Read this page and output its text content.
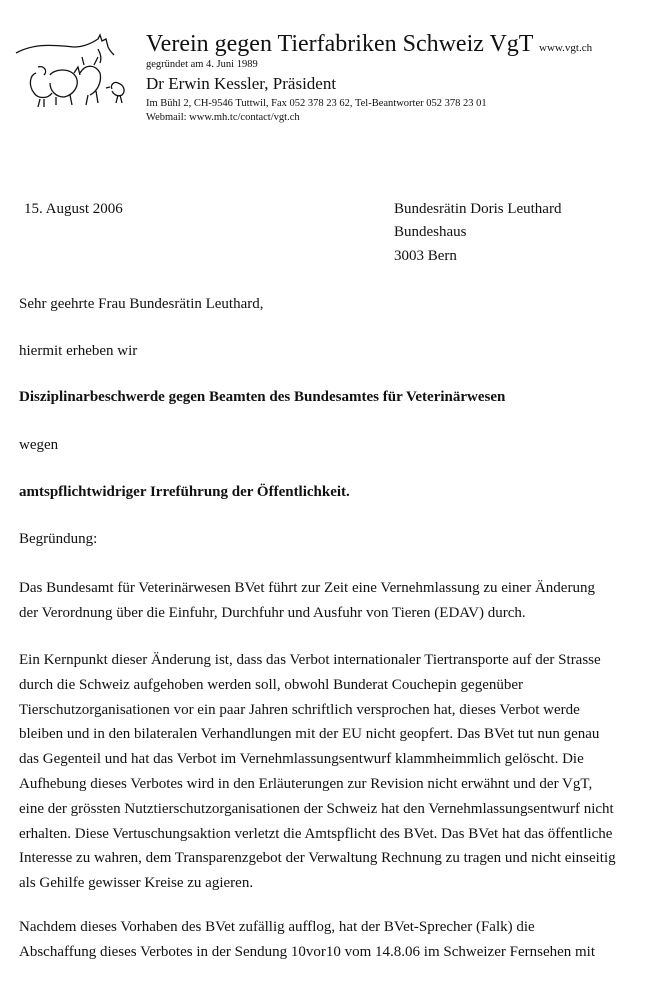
Verein gegen Tierfabriken Schweiz VgT www.vgt.ch
gegründet am 4. Juni 1989
Dr Erwin Kessler, Präsident
Im Bühl 2, CH-9546 Tuttwil, Fax 052 378 23 62, Tel-Beantworter 052 378 23 01
Webmail: www.mh.tc/contact/vgt.ch
15. August 2006	Bundesrätin Doris Leuthard
Bundeshaus
3003 Bern
Sehr geehrte Frau Bundesrätin Leuthard,
hiermit erheben wir
Disziplinarbeschwerde gegen Beamten des Bundesamtes für Veterinärwesen
wegen
amtspflichtwidriger Irreführung der Öffentlichkeit.
Begründung:
Das Bundesamt für Veterinärwesen BVet führt zur Zeit eine Vernehmlassung zu einer Änderung
der Verordnung über die Einfuhr, Durchfuhr und Ausfuhr von Tieren (EDAV) durch.
Ein Kernpunkt dieser Änderung ist, dass das Verbot internationaler Tiertransporte auf der Strasse
durch die Schweiz aufgehoben werden soll, obwohl Bunderat Couchepin gegenüber
Tierschutzorganisationen vor ein paar Jahren schriftlich versprochen hat, dieses Verbot werde
bleiben und in den bilateralen Verhandlungen mit der EU nicht geopfert. Das BVet tut nun genau
das Gegenteil und hat das Verbot im Vernehmlassungsentwurf klammheimmlich gelöscht. Die
Aufhebung dieses Verbotes wird in den Erläuterungen zur Revision nicht erwähnt und der VgT,
eine der grössten Nutztierschutzorganisationen der Schweiz hat den Vernehmlassungsentwurf nicht
erhalten. Diese Vertuschungsaktion verletzt die Amtspflicht des BVet. Das BVet hat das öffentliche
Interesse zu wahren, dem Transparenzgebot der Verwaltung Rechnung zu tragen und nicht einseitig
als Gehilfe gewisser Kreise zu agieren.
Nachdem dieses Vorhaben des BVet zufällig aufflog, hat der BVet-Sprecher (Falk) die
Abschaffung dieses Verbotes in der Sendung 10vor10 vom 14.8.06 im Schweizer Fernsehen mit
